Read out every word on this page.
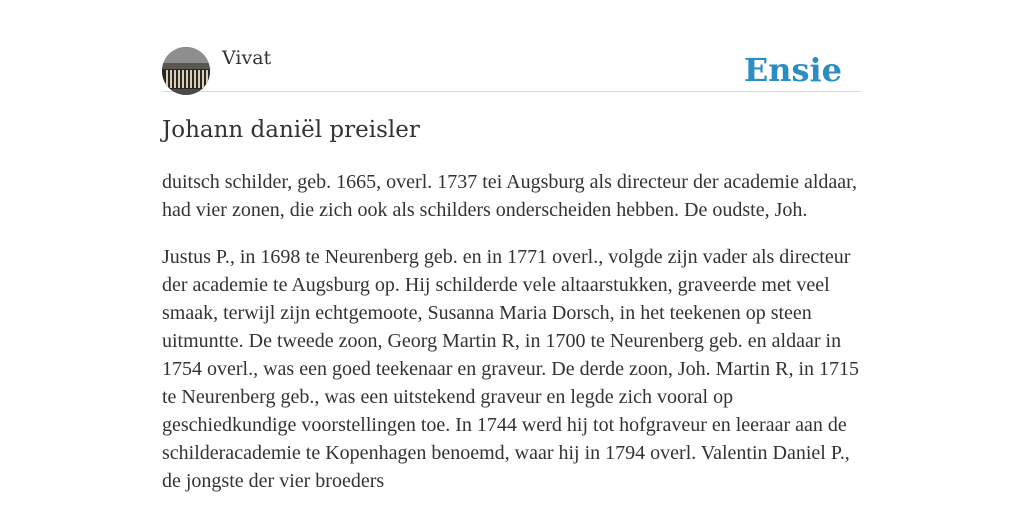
Vivat	Ensie
Johann daniël preisler

duitsch schilder, geb. 1665, overl. 1737 tei Augsburg als directeur der academie aldaar, had vier zonen, die zich ook als schilders onderscheiden hebben. De oudste, Joh.

Justus P., in 1698 te Neurenberg geb. en in 1771 overl., volgde zijn vader als directeur der academie te Augsburg op. Hij schilderde vele altaarstukken, graveerde met veel smaak, terwijl zijn echtgemoote, Susanna Maria Dorsch, in het teekenen op steen uitmuntte. De tweede zoon, Georg Martin R, in 1700 te Neurenberg geb. en aldaar in 1754 overl., was een goed teekenaar en graveur. De derde zoon, Joh. Martin R, in 1715 te Neurenberg geb., was een uitstekend graveur en legde zich vooral op geschiedkundige voorstellingen toe. In 1744 werd hij tot hofgraveur en leeraar aan de schilderacademie te Kopenhagen benoemd, waar hij in 1794 overl. Valentin Daniel P., de jongste der vier broeders
